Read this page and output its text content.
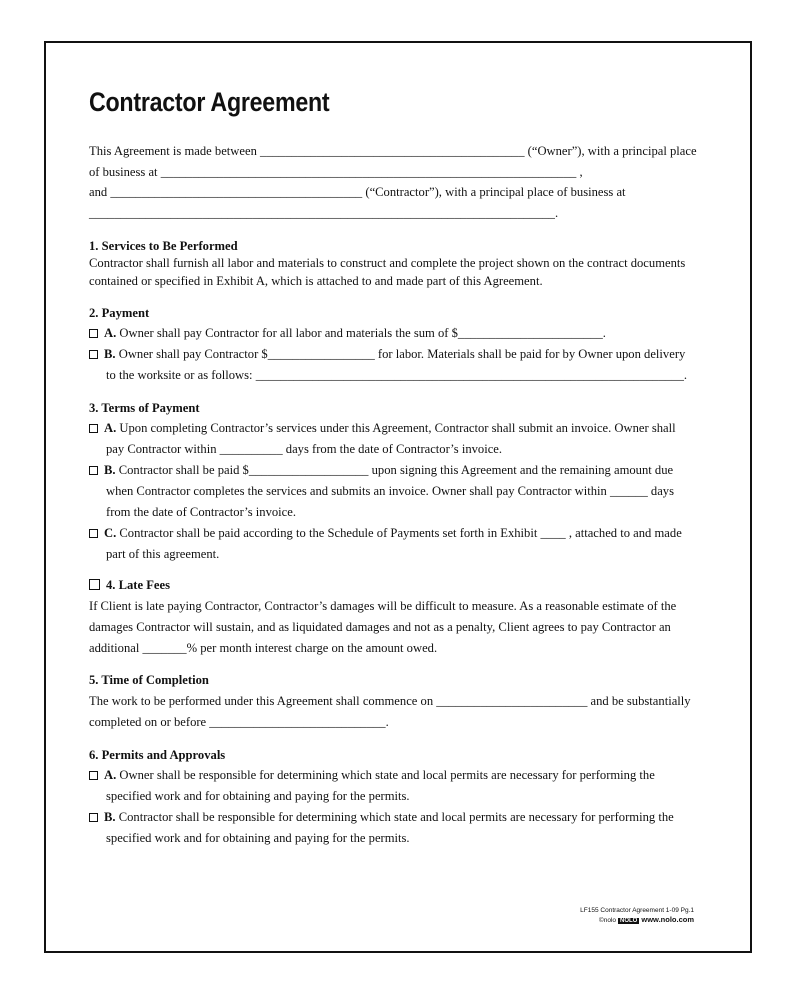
Contractor Agreement
This Agreement is made between __________________________________________ (“Owner”), with a principal place
of business at __________________________________________________________________ ,
and ________________________________________ (“Contractor”), with a principal place of business at
__________________________________________________________________________.
1. Services to Be Performed
Contractor shall furnish all labor and materials to construct and complete the project shown on the contract documents
contained or specified in Exhibit A, which is attached to and made part of this Agreement.
2. Payment
A. Owner shall pay Contractor for all labor and materials the sum of $_______________________.
B. Owner shall pay Contractor $_________________ for labor. Materials shall be paid for by Owner upon delivery
to the worksite or as follows: ____________________________________________________________________.
3. Terms of Payment
A. Upon completing Contractor’s services under this Agreement, Contractor shall submit an invoice. Owner shall
pay Contractor within __________ days from the date of Contractor’s invoice.
B. Contractor shall be paid $___________________ upon signing this Agreement and the remaining amount due
when Contractor completes the services and submits an invoice. Owner shall pay Contractor within ______ days
from the date of Contractor’s invoice.
C. Contractor shall be paid according to the Schedule of Payments set forth in Exhibit ____ , attached to and made
part of this agreement.
4. Late Fees
If Client is late paying Contractor, Contractor’s damages will be difficult to measure. As a reasonable estimate of the
damages Contractor will sustain, and as liquidated damages and not as a penalty, Client agrees to pay Contractor an
additional _______% per month interest charge on the amount owed.
5. Time of Completion
The work to be performed under this Agreement shall commence on ________________________ and be substantially
completed on or before ____________________________.
6. Permits and Approvals
A. Owner shall be responsible for determining which state and local permits are necessary for performing the
specified work and for obtaining and paying for the permits.
B. Contractor shall be responsible for determining which state and local permits are necessary for performing the
specified work and for obtaining and paying for the permits.
LF155 Contractor Agreement 1-09 Pg.1
©nolo NOLO www.nolo.com
